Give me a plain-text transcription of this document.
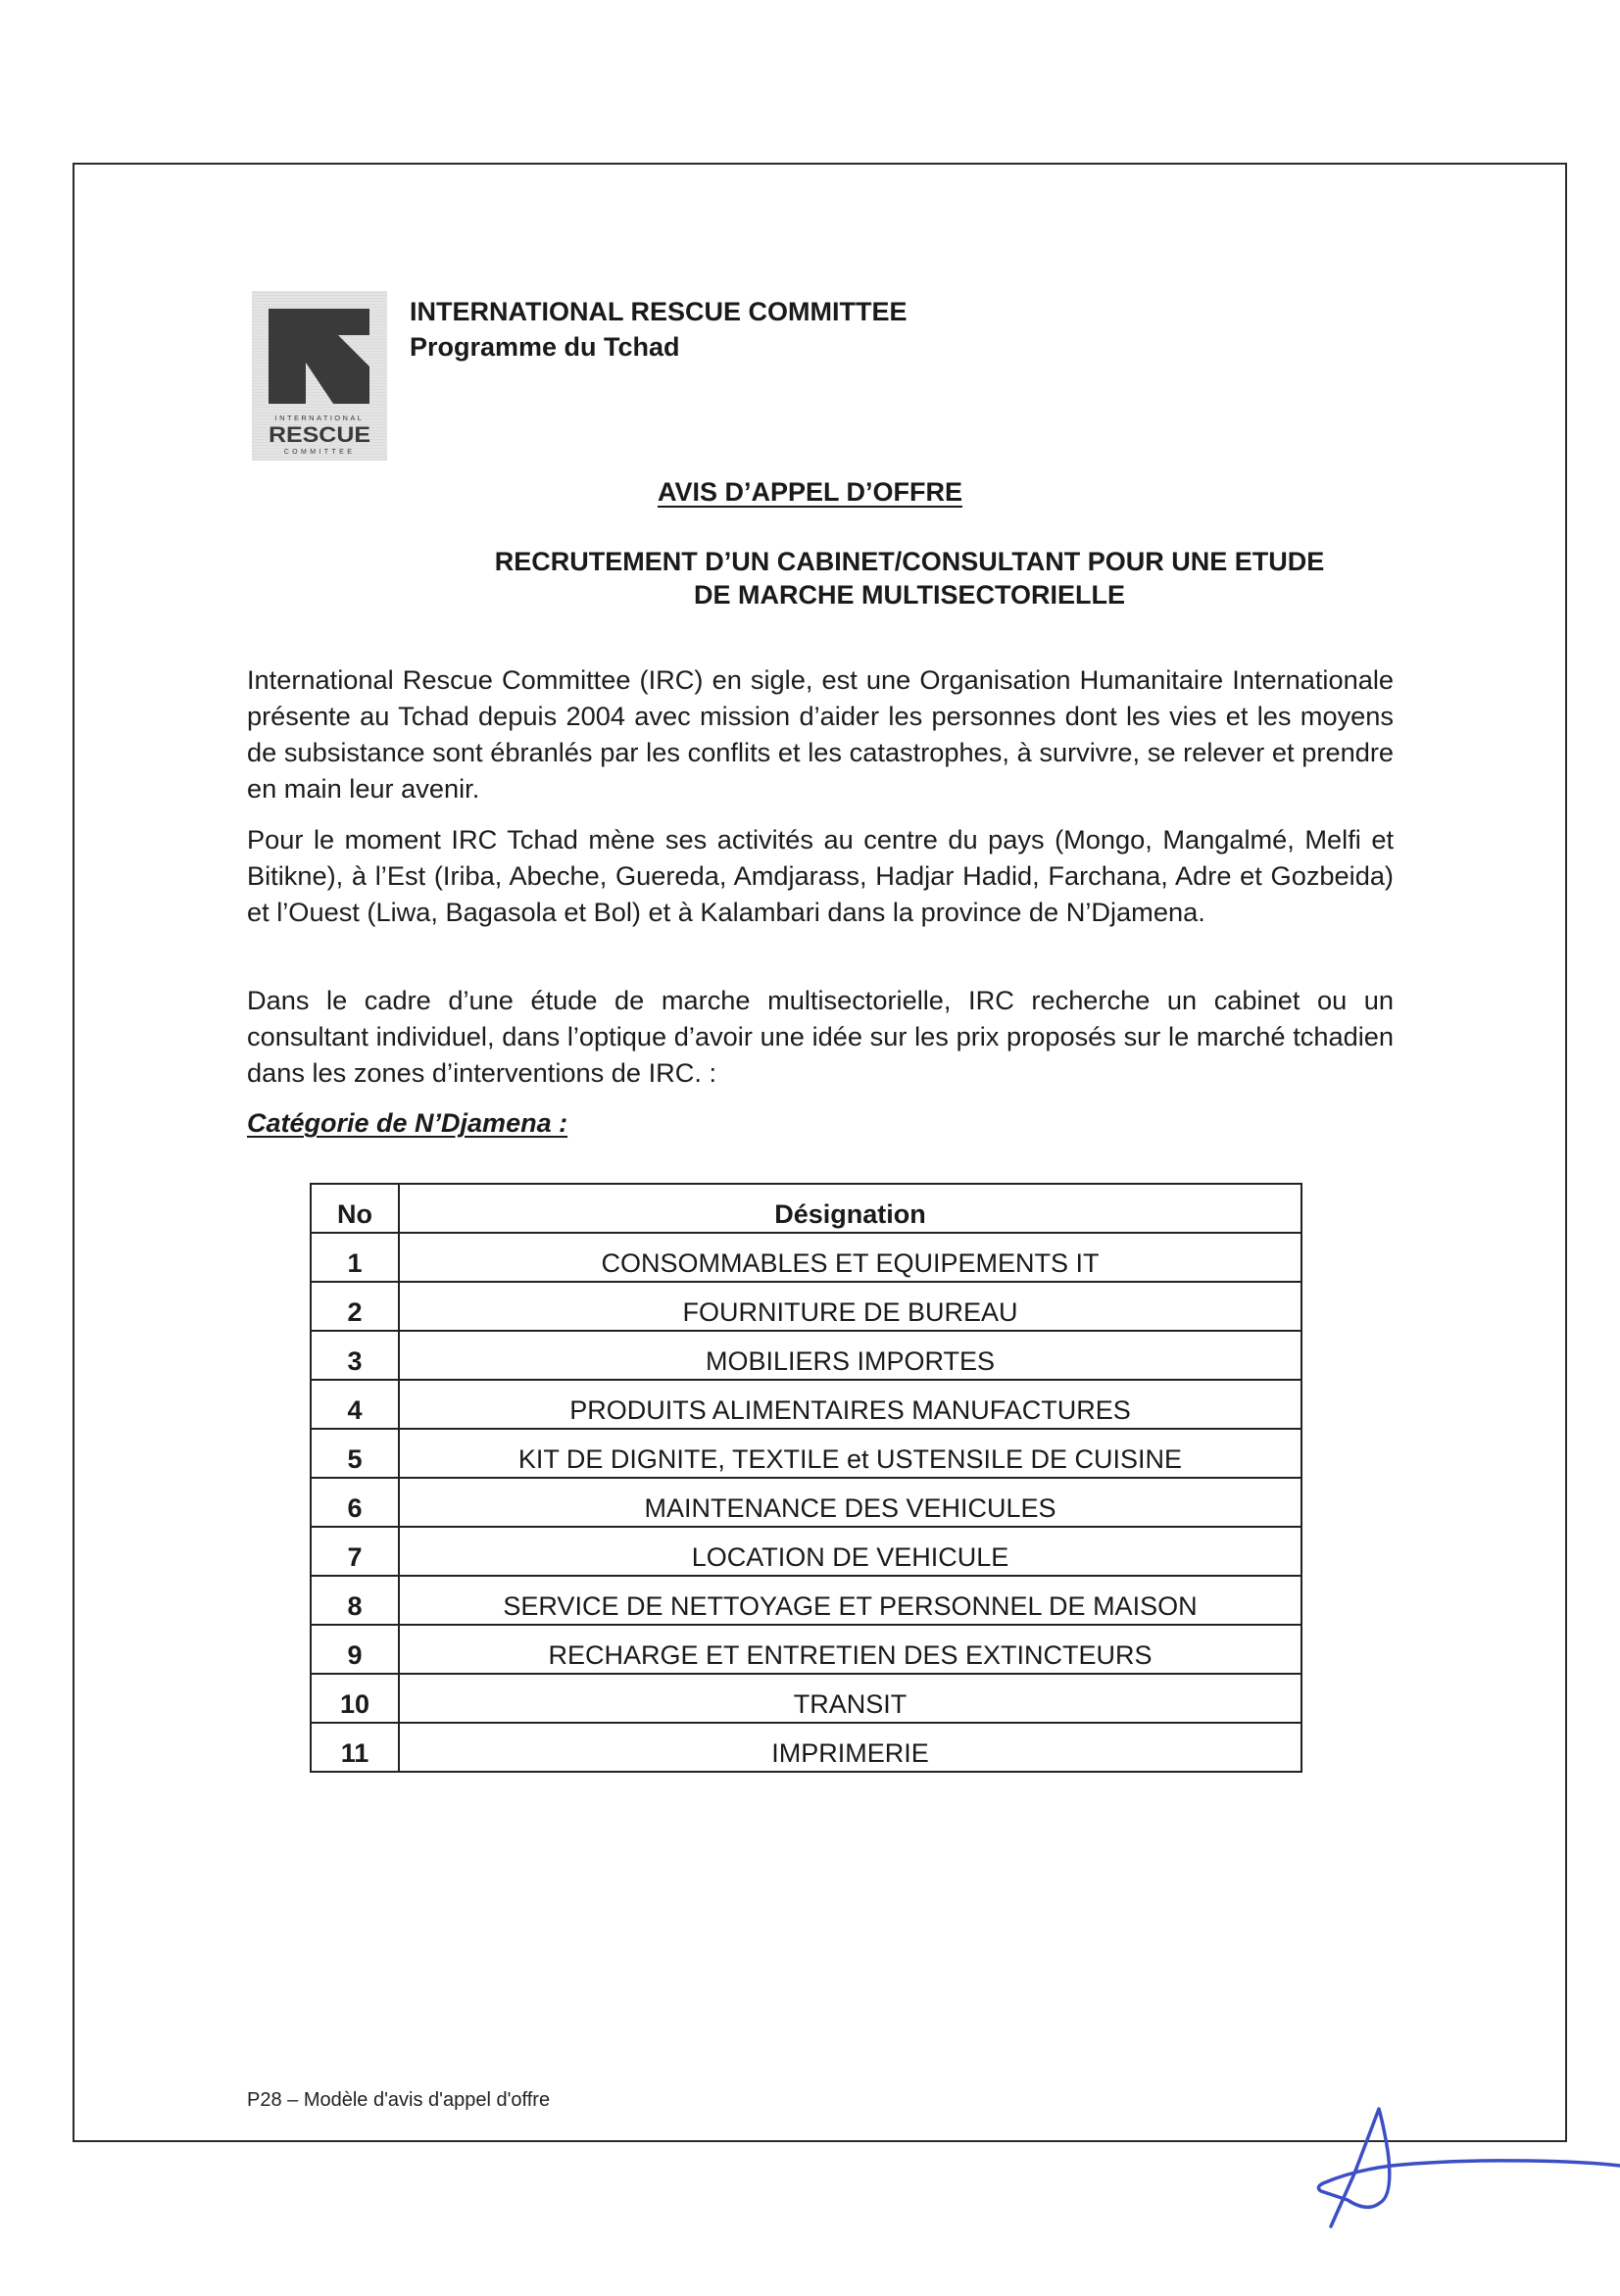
INTERNATIONAL
RESCUE
COMMITTEE
INTERNATIONAL RESCUE COMMITTEE
Programme du Tchad
AVIS D’APPEL D’OFFRE
RECRUTEMENT D’UN CABINET/CONSULTANT POUR UNE ETUDE
DE MARCHE MULTISECTORIELLE
International Rescue Committee (IRC) en sigle, est une Organisation Humanitaire Internationale présente au Tchad depuis 2004 avec mission d’aider les personnes dont les vies et les moyens de subsistance sont ébranlés par les conflits et les catastrophes, à survivre, se relever et prendre en main leur avenir.
Pour le moment IRC Tchad mène ses activités au centre du pays (Mongo, Mangalmé, Melfi et Bitikne), à l’Est (Iriba, Abeche, Guereda, Amdjarass, Hadjar Hadid, Farchana, Adre et Gozbeida) et l’Ouest (Liwa, Bagasola et Bol) et à Kalambari dans la province de N’Djamena.
Dans le cadre d’une étude de marche multisectorielle, IRC recherche un cabinet ou un consultant individuel, dans l’optique d’avoir une idée sur les prix proposés sur le marché tchadien dans les zones d’interventions de IRC. :
Catégorie de N’Djamena :
No	Désignation
1	CONSOMMABLES ET EQUIPEMENTS IT
2	FOURNITURE DE BUREAU
3	MOBILIERS IMPORTES
4	PRODUITS ALIMENTAIRES MANUFACTURES
5	KIT DE DIGNITE, TEXTILE et USTENSILE DE CUISINE
6	MAINTENANCE DES VEHICULES
7	LOCATION DE VEHICULE
8	SERVICE DE NETTOYAGE ET PERSONNEL DE MAISON
9	RECHARGE ET ENTRETIEN DES EXTINCTEURS
10	TRANSIT
11	IMPRIMERIE
P28 – Modèle d'avis d'appel d'offre
